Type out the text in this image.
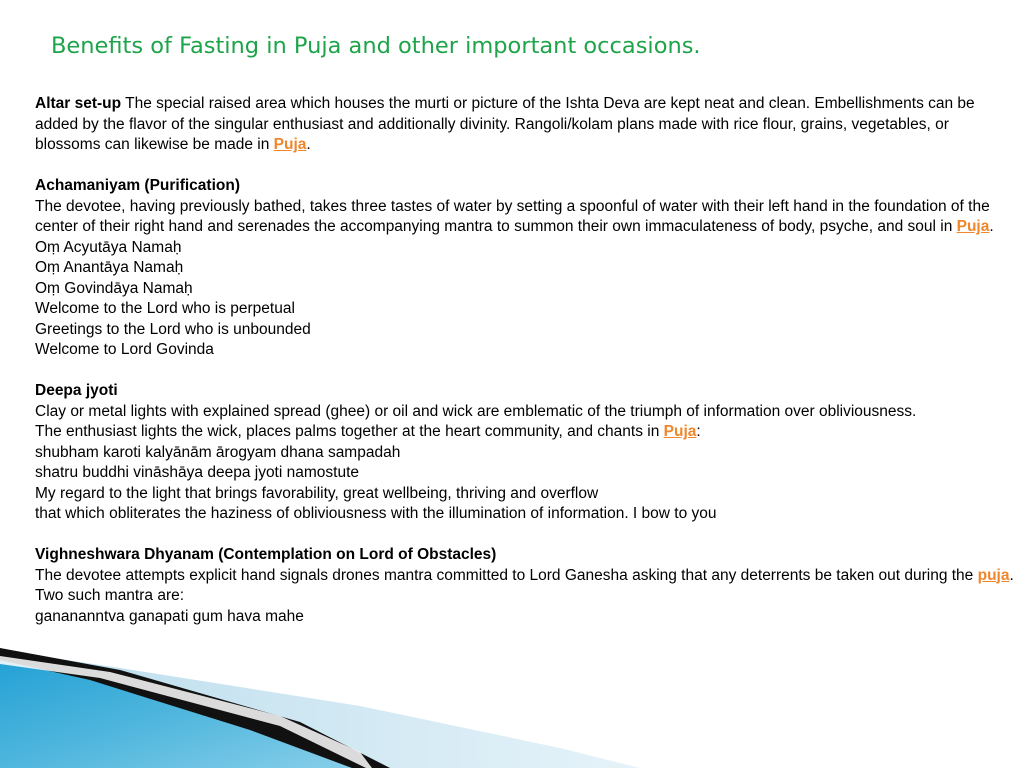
Benefits of Fasting in Puja and other important occasions.

Altar set-up The special raised area which houses the murti or picture of the Ishta Deva are kept neat and clean. Embellishments can be added by the flavor of the singular enthusiast and additionally divinity. Rangoli/kolam plans made with rice flour, grains, vegetables, or blossoms can likewise be made in Puja.

Achamaniyam (Purification)

The devotee, having previously bathed, takes three tastes of water by setting a spoonful of water with their left hand in the foundation of the center of their right hand and serenades the accompanying mantra to summon their own immaculateness of body, psyche, and soul in Puja.

Oṃ Acyutāya Namaḥ

Oṃ Anantāya Namaḥ

Oṃ Govindāya Namaḥ

Welcome to the Lord who is perpetual

Greetings to the Lord who is unbounded

Welcome to Lord Govinda

Deepa jyoti

Clay or metal lights with explained spread (ghee) or oil and wick are emblematic of the triumph of information over obliviousness.

The enthusiast lights the wick, places palms together at the heart community, and chants in Puja:

shubham karoti kalyānām ārogyam dhana sampadah

shatru buddhi vināshāya deepa jyoti namostute

My regard to the light that brings favorability, great wellbeing, thriving and overflow

that which obliterates the haziness of obliviousness with the illumination of information. I bow to you

Vighneshwara Dhyanam (Contemplation on Lord of Obstacles)

The devotee attempts explicit hand signals drones mantra committed to Lord Ganesha asking that any deterrents be taken out during the puja. Two such mantra are:

ganananntva ganapati gum hava mahe
